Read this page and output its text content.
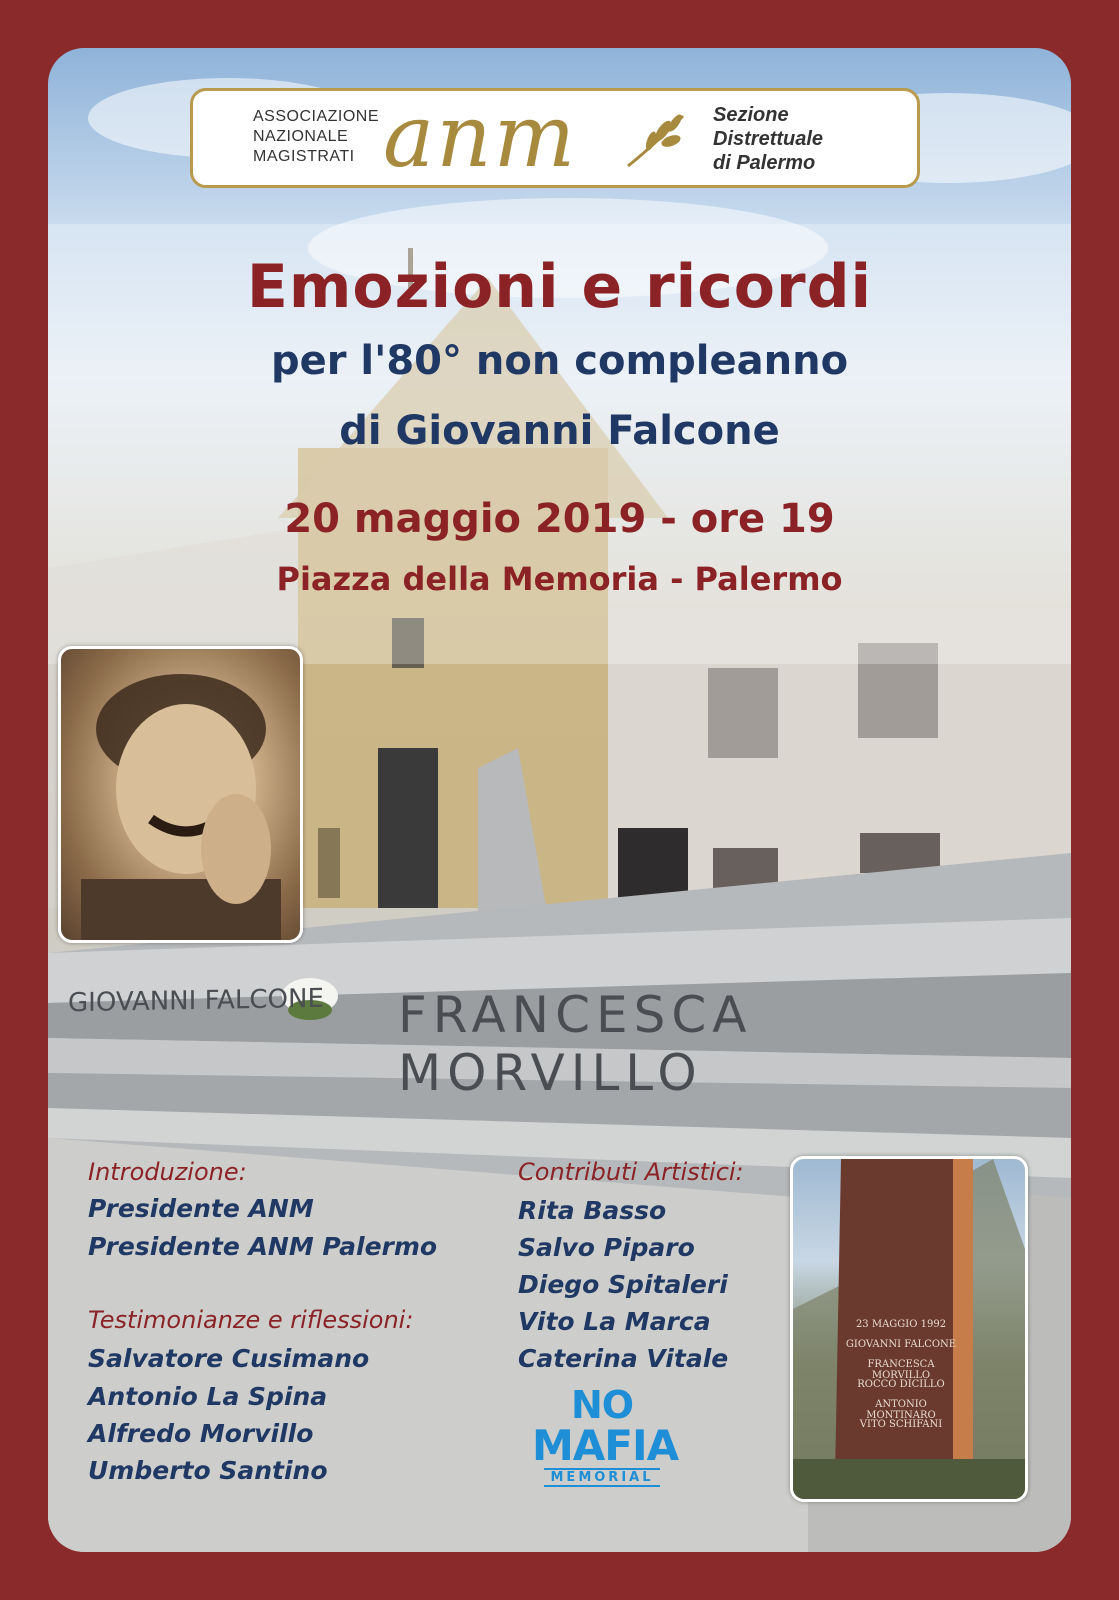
GIOVANNI FALCONE FRANCESCA MORVILLO
ASSOCIAZIONE
NAZIONALE
MAGISTRATI anm	Sezione
Distrettuale
di Palermo
Emozioni e ricordi
per l'80° non compleanno
di Giovanni Falcone
20 maggio 2019 - ore 19
Piazza della Memoria - Palermo
Introduzione:
Presidente ANM
Presidente ANM Palermo
Testimonianze e riflessioni:
Salvatore Cusimano
Antonio La Spina
Alfredo Morvillo
Umberto Santino
Contributi Artistici:
Rita Basso
Salvo Piparo
Diego Spitaleri
Vito La Marca
Caterina Vitale
NO
MAFIA
MEMORIAL
23 MAGGIO 1992
GIOVANNI FALCONE
FRANCESCA MORVILLO
ROCCO DICILLO
ANTONIO MONTINARO
VITO SCHIFANI
